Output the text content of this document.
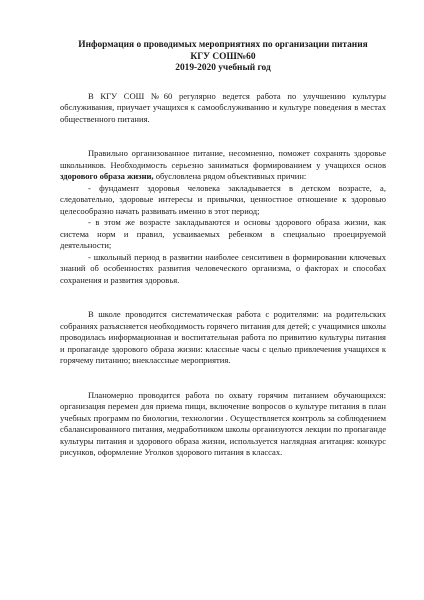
Информация о проводимых мероприятиях по организации питания
КГУ СОШ№60
2019-2020 учебный год

В КГУ СОШ №60 регулярно ведется работа по улучшению культуры обслуживания, приучает учащихся к самообслуживанию и культуре поведения в местах общественного питания.

Правильно организованное питание, несомненно, поможет сохранять здоровье школьников. Необходимость серьезно заниматься формированием у учащихся основ здорового образа жизни, обусловлена рядом объективных причин:

- фундамент здоровья человека закладывается в детском возрасте, а, следовательно, здоровые интересы и привычки, ценностное отношение к здоровью целесообразно начать развивать именно в этот период;

- в этом же возрасте закладываются и основы здорового образа жизни, как система норм и правил, усваиваемых ребенком в специально проецируемой деятельности;

- школьный период в развитии наиболее сенситивен в формировании ключевых знаний об особенностях развития человеческого организма, о факторах и способах сохранения и развития здоровья.

В школе проводится систематическая работа с родителями: на родительских собраниях разъясняется необходимость горячего питания для детей; с учащимися школы проводилась информационная и воспитательная работа по привитию культуры питания и пропаганде здорового образа жизни: классные часы с целью привлечения учащихся к горячему питанию; внеклассные мероприятия.

Планомерно проводится работа по охвату горячим питанием обучающихся: организация перемен для приема пищи, включение вопросов о культуре питания в план учебных программ по биологии, технологии . Осуществляется контроль за соблюдением сбалансированного питания, медработником школы организуются лекции по пропаганде культуры питания и здорового образа жизни, используется наглядная агитация: конкурс рисунков, оформление Уголков здорового питания в классах.
